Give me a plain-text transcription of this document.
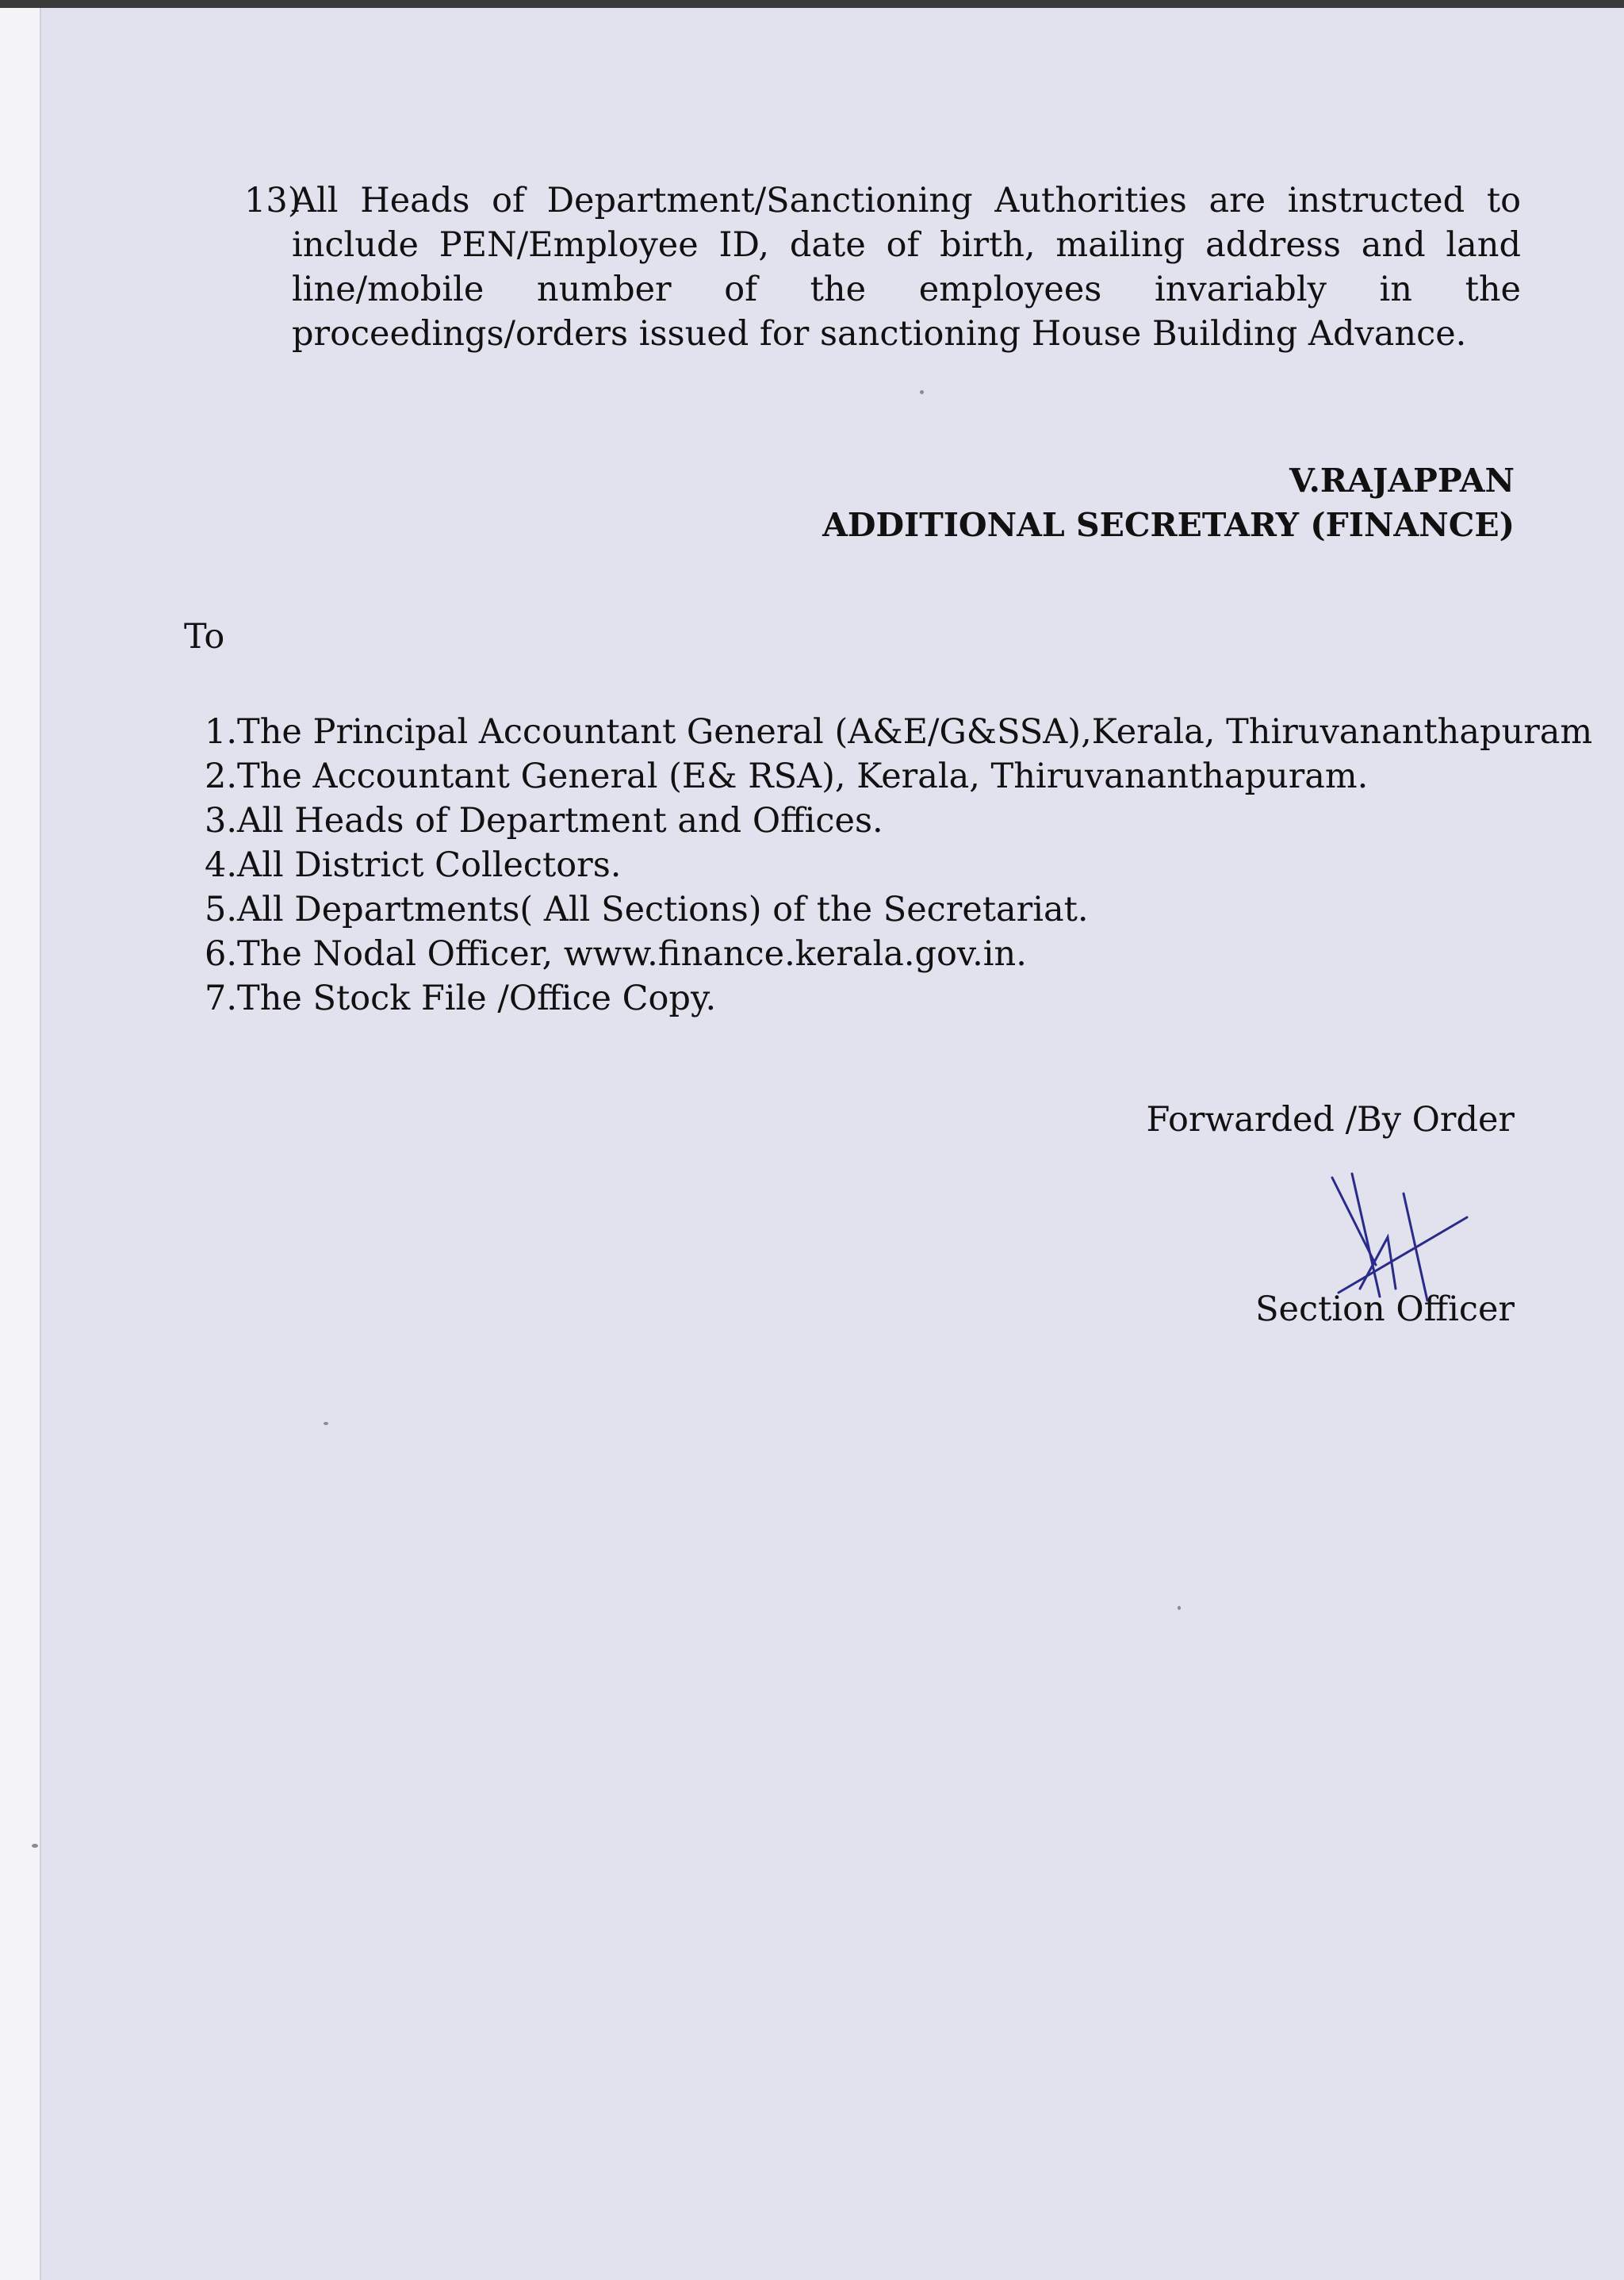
13)
All Heads of Department/Sanctioning Authorities are instructed to include PEN/Employee ID, date of birth, mailing address and land line/mobile number of the employees invariably in the proceedings/orders issued for sanctioning House Building Advance.
V.RAJAPPAN
ADDITIONAL SECRETARY (FINANCE)
To
1.The Principal Accountant General (A&E/G&SSA),Kerala, Thiruvananthapuram
2.The Accountant General (E& RSA), Kerala, Thiruvananthapuram.
3.All Heads of Department and Offices.
4.All District Collectors.
5.All Departments( All Sections) of the Secretariat.
6.The Nodal Officer, www.finance.kerala.gov.in.
7.The Stock File /Office Copy.
Forwarded /By Order
Section Officer
